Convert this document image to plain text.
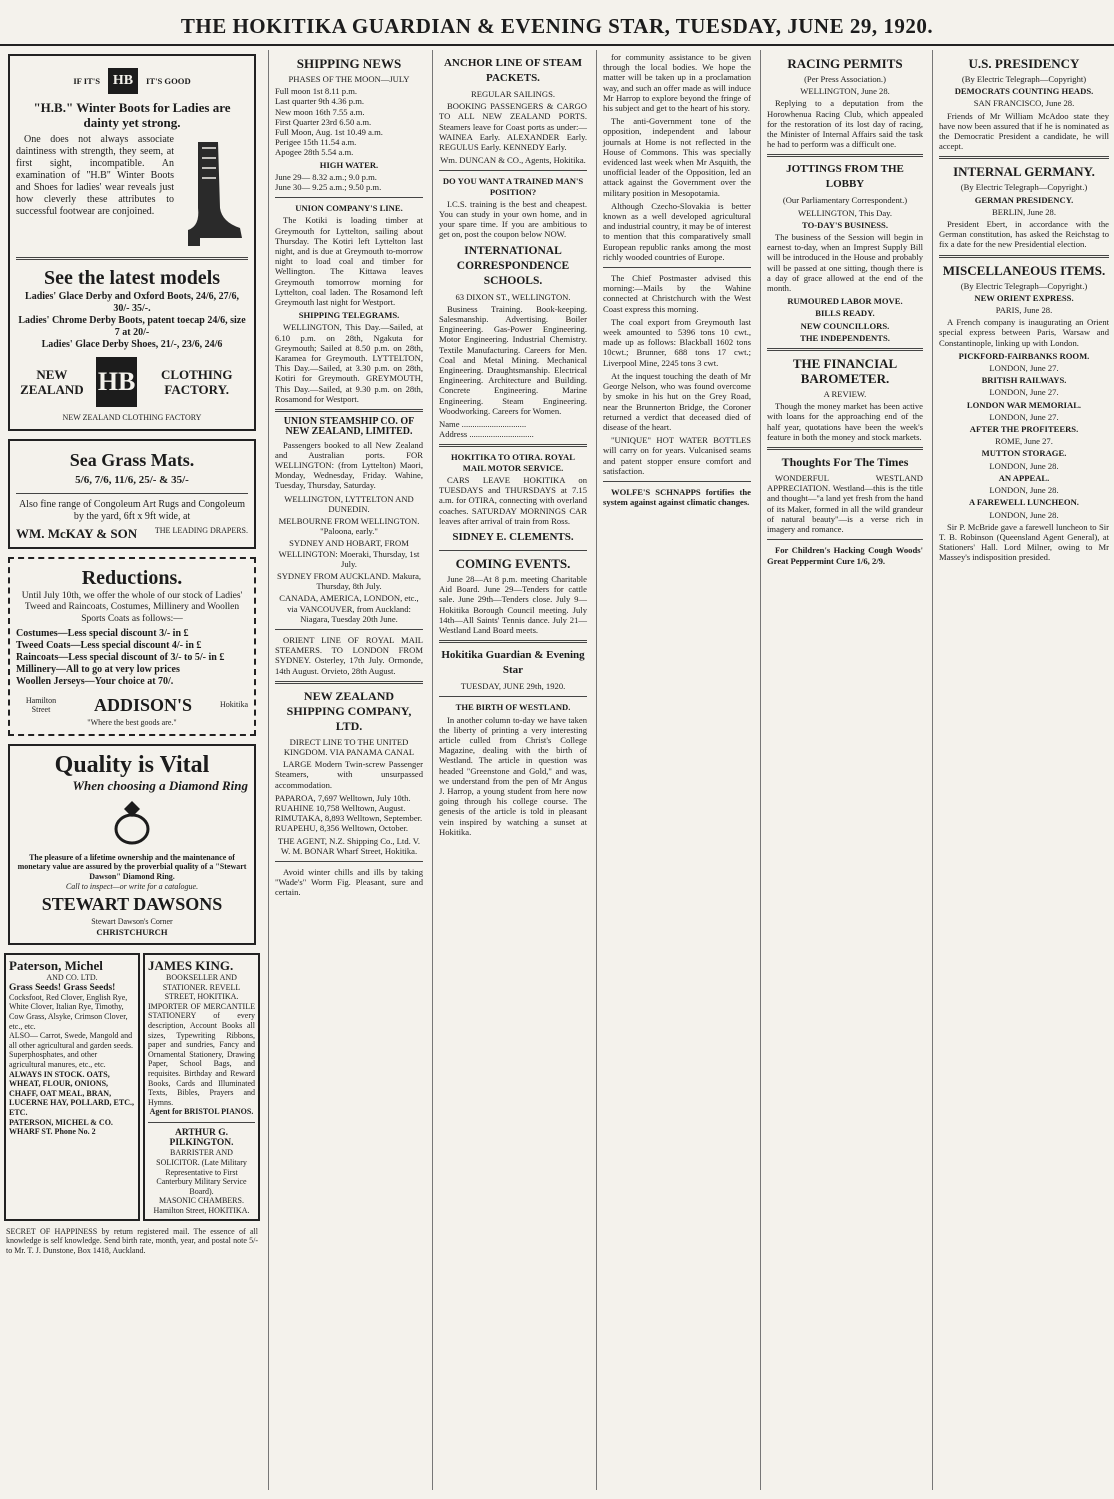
THE HOKITIKA GUARDIAN & EVENING STAR, TUESDAY, JUNE 29, 1920.
IF IT'S HB	IT'S GOOD
"H.B." Winter Boots for Ladies are dainty yet strong.
One does not always associate daintiness with strength, they seem, at first sight, incompatible. An examination of "H.B" Winter Boots and Shoes for ladies' wear reveals just how cleverly these attributes to successful footwear are conjoined.
See the latest models
Ladies' Glace Derby and Oxford Boots, 24/6, 27/6, 30/- 35/-.
Ladies' Chrome Derby Boots, patent toecap 24/6, size 7 at 20/-
Ladies' Glace Derby Shoes, 21/-, 23/6, 24/6
NEW ZEALAND HB	CLOTHING FACTORY.
NEW ZEALAND CLOTHING FACTORY
Sea Grass Mats.
5/6, 7/6, 11/6, 25/- & 35/-
Also fine range of Congoleum Art Rugs and Congoleum by the yard, 6ft x 9ft wide, at
WM. McKAY & SON THE LEADING DRAPERS.
Reductions.
Until July 10th, we offer the whole of our stock of Ladies' Tweed and Raincoats, Costumes, Millinery and Woollen Sports Coats as follows:—
Costumes—Less special discount 3/- in £
Tweed Coats—Less special discount 4/- in £
Raincoats—Less special discount of 3/- to 5/- in £
Millinery—All to go at very low prices
Woollen Jerseys—Your choice at 70/.
Hamilton Street	ADDISON'S	Hokitika
"Where the best goods are."
Quality is Vital
When choosing a Diamond Ring
The pleasure of a lifetime ownership and the maintenance of monetary value are assured by the proverbial quality of a "Stewart Dawson" Diamond Ring.
Call to inspect—or write for a catalogue.
STEWART DAWSONS
Stewart Dawson's Corner
CHRISTCHURCH
Paterson, Michel
AND CO. LTD.
Grass Seeds! Grass Seeds!
Cocksfoot, Red Clover, English Rye, White Clover, Italian Rye, Timothy, Cow Grass, Alsyke, Crimson Clover, etc., etc.
ALSO— Carrot, Swede, Mangold and all other agricultural and garden seeds. Superphosphates, and other agricultural manures, etc., etc.
ALWAYS IN STOCK. OATS, WHEAT, FLOUR, ONIONS, CHAFF, OAT MEAL, BRAN, LUCERNE HAY, POLLARD, ETC., ETC.
PATERSON, MICHEL & CO. WHARF ST. Phone No. 2
JAMES KING.
BOOKSELLER AND STATIONER. REVELL STREET, HOKITIKA.
IMPORTER OF MERCANTILE STATIONERY of every description, Account Books all sizes, Typewriting Ribbons, paper and sundries, Fancy and Ornamental Stationery, Drawing Paper, School Bags, and requisites. Birthday and Reward Books, Cards and Illuminated Texts, Bibles, Prayers and Hymns.
Agent for BRISTOL PIANOS.
ARTHUR G. PILKINGTON.
BARRISTER AND SOLICITOR. (Late Military Representative to First Canterbury Military Service Board).
MASONIC CHAMBERS. Hamilton Street, HOKITIKA.
SECRET OF HAPPINESS by return registered mail. The essence of all knowledge is self knowledge. Send birth rate, month, year, and postal note 5/- to Mr. T. J. Dunstone, Box 1418, Auckland.
SHIPPING NEWS
PHASES OF THE MOON—JULY
Full moon 1st 8.11 p.m.
Last quarter 9th 4.36 p.m.
New moon 16th 7.55 a.m.
First Quarter 23rd 6.50 a.m.
Full Moon, Aug. 1st 10.49 a.m.
Perigee 15th 11.54 a.m.
Apogee 28th 5.54 a.m.
HIGH WATER.
June 29— 8.32 a.m.; 9.0 p.m.
June 30— 9.25 a.m.; 9.50 p.m.
UNION COMPANY'S LINE.
The Kotiki is loading timber at Greymouth for Lyttelton, sailing about Thursday. The Kotiri left Lyttelton last night, and is due at Greymouth to-morrow night to load coal and timber for Wellington. The Kittawa leaves Greymouth tomorrow morning for Lyttelton, coal laden. The Rosamond left Greymouth last night for Westport.
SHIPPING TELEGRAMS.
WELLINGTON, This Day.—Sailed, at 6.10 p.m. on 28th, Ngakuta for Greymouth; Sailed at 8.50 p.m. on 28th, Karamea for Greymouth. LYTTELTON, This Day.—Sailed, at 3.30 p.m. on 28th, Kotiri for Greymouth. GREYMOUTH, This Day.—Sailed, at 9.30 p.m. on 28th, Rosamond for Westport.
UNION STEAMSHIP CO. OF NEW ZEALAND, LIMITED.
Passengers booked to all New Zealand and Australian ports. FOR WELLINGTON: (from Lyttelton) Maori, Monday, Wednesday, Friday. Wahine, Tuesday, Thursday, Saturday.
WELLINGTON, LYTTELTON AND DUNEDIN.
MELBOURNE FROM WELLINGTON. "Paloona, early."
SYDNEY AND HOBART, FROM WELLINGTON: Moeraki, Thursday, 1st July.
SYDNEY FROM AUCKLAND. Makura, Thursday, 8th July.
CANADA, AMERICA, LONDON, etc., via VANCOUVER, from Auckland: Niagara, Tuesday 20th June.
ORIENT LINE OF ROYAL MAIL STEAMERS. TO LONDON FROM SYDNEY. Osterley, 17th July. Ormonde, 14th August. Orvieto, 28th August.
NEW ZEALAND SHIPPING COMPANY, LTD.
DIRECT LINE TO THE UNITED KINGDOM. VIA PANAMA CANAL
LARGE Modern Twin-screw Passenger Steamers, with unsurpassed accommodation.
PAPAROA, 7,697 Welltown, July 10th.
RUAHINE 10,758 Welltown, August.
RIMUTAKA, 8,893 Welltown, September.
RUAPEHU, 8,356 Welltown, October.
THE AGENT, N.Z. Shipping Co., Ltd. V. W. M. BONAR Wharf Street, Hokitika.
Avoid winter chills and ills by taking "Wade's" Worm Fig. Pleasant, sure and certain.
ANCHOR LINE OF STEAM PACKETS.
REGULAR SAILINGS.
BOOKING PASSENGERS & CARGO TO ALL NEW ZEALAND PORTS. Steamers leave for Coast ports as under:— WAINEA Early. ALEXANDER Early. REGULUS Early. KENNEDY Early.
Wm. DUNCAN & CO., Agents, Hokitika.
DO YOU WANT A TRAINED MAN'S POSITION?
I.C.S. training is the best and cheapest. You can study in your own home, and in your spare time. If you are ambitious to get on, post the coupon below NOW.
INTERNATIONAL CORRESPONDENCE SCHOOLS.
63 DIXON ST., WELLINGTON.
Business Training. Book-keeping. Salesmanship. Advertising. Boiler Engineering. Gas-Power Engineering. Motor Engineering. Industrial Chemistry. Textile Manufacturing. Careers for Men. Coal and Metal Mining. Mechanical Engineering. Draughtsmanship. Electrical Engineering. Architecture and Building. Concrete Engineering. Marine Engineering. Steam Engineering. Woodworking. Careers for Women.
Name ..............................
Address ..............................
HOKITIKA TO OTIRA. ROYAL MAIL MOTOR SERVICE.
CARS LEAVE HOKITIKA on TUESDAYS and THURSDAYS at 7.15 a.m. for OTIRA, connecting with overland coaches. SATURDAY MORNINGS CAR leaves after arrival of train from Ross.
SIDNEY E. CLEMENTS.
COMING EVENTS.
June 28—At 8 p.m. meeting Charitable Aid Board. June 29—Tenders for cattle sale. June 29th—Tenders close. July 9—Hokitika Borough Council meeting. July 14th—All Saints' Tennis dance. July 21—Westland Land Board meets.
Hokitika Guardian & Evening Star
TUESDAY, JUNE 29th, 1920.
THE BIRTH OF WESTLAND.
In another column to-day we have taken the liberty of printing a very interesting article culled from Christ's College Magazine, dealing with the birth of Westland. The article in question was headed "Greenstone and Gold," and was, we understand from the pen of Mr Angus J. Harrop, a young student from here now going through his college course. The genesis of the article is told in pleasant vein inspired by watching a sunset at Hokitika.
for community assistance to be given through the local bodies. We hope the matter will be taken up in a proclamation way, and such an offer made as will induce Mr Harrop to explore beyond the fringe of his subject and get to the heart of his story.
The anti-Government tone of the opposition, independent and labour journals at Home is not reflected in the House of Commons. This was specially evidenced last week when Mr Asquith, the unofficial leader of the Opposition, led an attack against the Government over the military position in Mesopotamia.
Although Czecho-Slovakia is better known as a well developed agricultural and industrial country, it may be of interest to mention that this comparatively small European republic ranks among the most richly wooded countries of Europe.
The Chief Postmaster advised this morning:—Mails by the Wahine connected at Christchurch with the West Coast express this morning.
The coal export from Greymouth last week amounted to 5396 tons 10 cwt., made up as follows: Blackball 1602 tons 10cwt.; Brunner, 688 tons 17 cwt.; Liverpool Mine, 2245 tons 3 cwt.
At the inquest touching the death of Mr George Nelson, who was found overcome by smoke in his hut on the Grey Road, near the Brunnerton Bridge, the Coroner returned a verdict that deceased died of disease of the heart.
"UNIQUE" HOT WATER BOTTLES will carry on for years. Vulcanised seams and patent stopper ensure comfort and satisfaction.
WOLFE'S SCHNAPPS fortifies the system against against climatic changes.
RACING PERMITS
(Per Press Association.)
WELLINGTON, June 28.
Replying to a deputation from the Horowhenua Racing Club, which appealed for the restoration of its lost day of racing, the Minister of Internal Affairs said the task he had to perform was a difficult one.
JOTTINGS FROM THE LOBBY
(Our Parliamentary Correspondent.)
WELLINGTON, This Day.
TO-DAY'S BUSINESS.
The business of the Session will begin in earnest to-day, when an Imprest Supply Bill will be introduced in the House and probably will be passed at one sitting, though there is a day of grace allowed at the end of the month.
RUMOURED LABOR MOVE.
BILLS READY.
NEW COUNCILLORS.
THE INDEPENDENTS.
THE FINANCIAL BAROMETER.
A REVIEW.
Though the money market has been active with loans for the approaching end of the half year, quotations have been the week's feature in both the money and stock markets.
Thoughts For The Times
WONDERFUL WESTLAND APPRECIATION. Westland—this is the title and thought—"a land yet fresh from the hand of its Maker, formed in all the wild grandeur of natural beauty"—is a verse rich in imagery and romance.
For Children's Hacking Cough Woods' Great Peppermint Cure 1/6, 2/9.
U.S. PRESIDENCY
(By Electric Telegraph—Copyright)
DEMOCRATS COUNTING HEADS.
SAN FRANCISCO, June 28.
Friends of Mr William McAdoo state they have now been assured that if he is nominated as the Democratic President a candidate, he will accept.
INTERNAL GERMANY.
(By Electric Telegraph—Copyright.)
GERMAN PRESIDENCY.
BERLIN, June 28.
President Ebert, in accordance with the German constitution, has asked the Reichstag to fix a date for the new Presidential election.
MISCELLANEOUS ITEMS.
(By Electric Telegraph—Copyright.)
NEW ORIENT EXPRESS.
PARIS, June 28.
A French company is inaugurating an Orient special express between Paris, Warsaw and Constantinople, linking up with London.
PICKFORD-FAIRBANKS ROOM.
LONDON, June 27.
BRITISH RAILWAYS.
LONDON, June 27.
LONDON WAR MEMORIAL.
LONDON, June 27.
AFTER THE PROFITEERS.
ROME, June 27.
MUTTON STORAGE.
LONDON, June 28.
AN APPEAL.
LONDON, June 28.
A FAREWELL LUNCHEON.
LONDON, June 28.
Sir P. McBride gave a farewell luncheon to Sir T. B. Robinson (Queensland Agent General), at Stationers' Hall. Lord Milner, owing to Mr Massey's indisposition presided.
